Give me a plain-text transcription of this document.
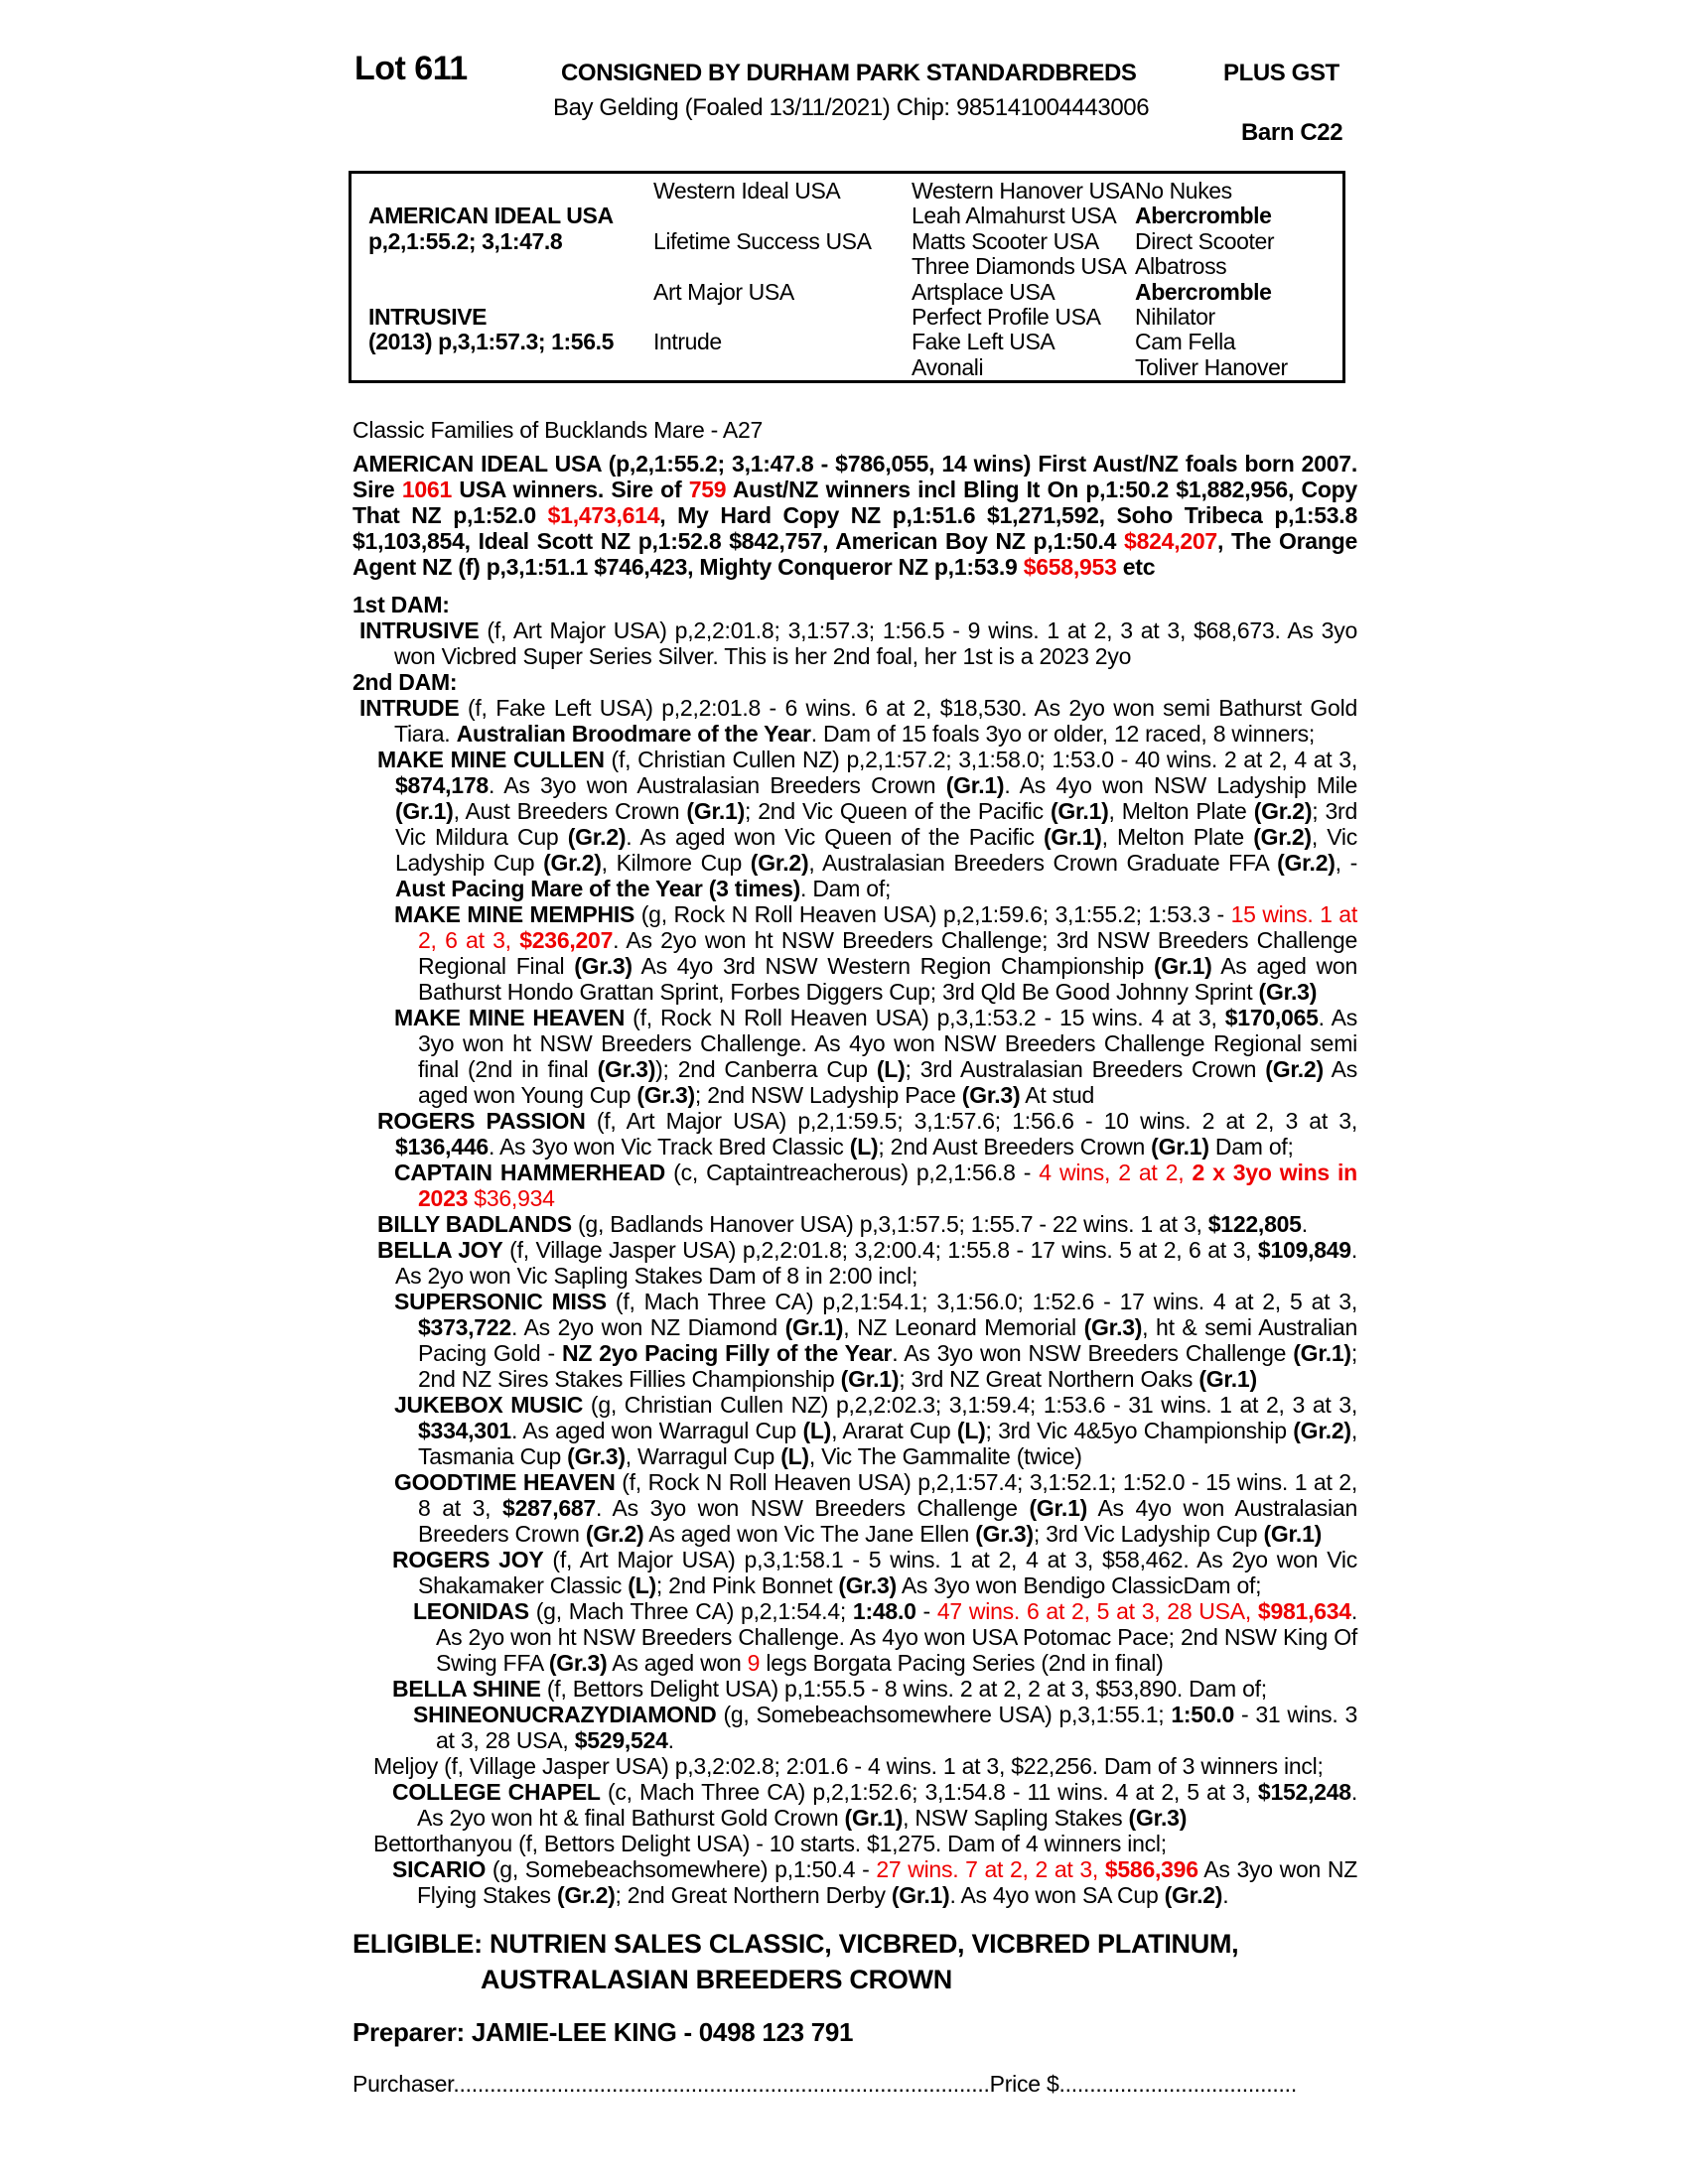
Lot 611	CONSIGNED BY DURHAM PARK STANDARDBREDS	PLUS GST
Bay Gelding (Foaled 13/11/2021) Chip: 985141004443006
Barn C22
AMERICAN IDEAL USA
p,2,1:55.2; 3,1:47.8
INTRUSIVE
(2013) p,3,1:57.3; 1:56.5
Western Ideal USA
Lifetime Success USA
Art Major USA
Intrude
Western Hanover USA
Leah Almahurst USA
Matts Scooter USA
Three Diamonds USA
Artsplace USA
Perfect Profile USA
Fake Left USA
Avonali
No Nukes
Abercromble
Direct Scooter
Albatross
Abercromble
Nihilator
Cam Fella
Toliver Hanover
Classic Families of Bucklands Mare - A27
AMERICAN IDEAL USA (p,2,1:55.2; 3,1:47.8 - $786,055, 14 wins) First Aust/NZ foals born 2007. Sire 1061 USA winners. Sire of 759 Aust/NZ winners incl Bling It On p,1:50.2 $1,882,956, Copy That NZ p,1:52.0 $1,473,614, My Hard Copy NZ p,1:51.6 $1,271,592, Soho Tribeca p,1:53.8 $1,103,854, Ideal Scott NZ p,1:52.8 $842,757, American Boy NZ p,1:50.4 $824,207, The Orange Agent NZ (f) p,3,1:51.1 $746,423, Mighty Conqueror NZ p,1:53.9 $658,953 etc
1st DAM:
INTRUSIVE (f, Art Major USA) p,2,2:01.8; 3,1:57.3; 1:56.5 - 9 wins. 1 at 2, 3 at 3, $68,673. As 3yo won Vicbred Super Series Silver. This is her 2nd foal, her 1st is a 2023 2yo
2nd DAM:
INTRUDE (f, Fake Left USA) p,2,2:01.8 - 6 wins. 6 at 2, $18,530. As 2yo won semi Bathurst Gold Tiara. Australian Broodmare of the Year. Dam of 15 foals 3yo or older, 12 raced, 8 winners;
MAKE MINE CULLEN (f, Christian Cullen NZ) p,2,1:57.2; 3,1:58.0; 1:53.0 - 40 wins. 2 at 2, 4 at 3, $874,178. As 3yo won Australasian Breeders Crown (Gr.1). As 4yo won NSW Ladyship Mile (Gr.1), Aust Breeders Crown (Gr.1); 2nd Vic Queen of the Pacific (Gr.1), Melton Plate (Gr.2); 3rd Vic Mildura Cup (Gr.2). As aged won Vic Queen of the Pacific (Gr.1), Melton Plate (Gr.2), Vic Ladyship Cup (Gr.2), Kilmore Cup (Gr.2), Australasian Breeders Crown Graduate FFA (Gr.2), - Aust Pacing Mare of the Year (3 times). Dam of;
MAKE MINE MEMPHIS (g, Rock N Roll Heaven USA) p,2,1:59.6; 3,1:55.2; 1:53.3 - 15 wins. 1 at 2, 6 at 3, $236,207. As 2yo won ht NSW Breeders Challenge; 3rd NSW Breeders Challenge Regional Final (Gr.3) As 4yo 3rd NSW Western Region Championship (Gr.1) As aged won Bathurst Hondo Grattan Sprint, Forbes Diggers Cup; 3rd Qld Be Good Johnny Sprint (Gr.3)
MAKE MINE HEAVEN (f, Rock N Roll Heaven USA) p,3,1:53.2 - 15 wins. 4 at 3, $170,065. As 3yo won ht NSW Breeders Challenge. As 4yo won NSW Breeders Challenge Regional semi final (2nd in final (Gr.3)); 2nd Canberra Cup (L); 3rd Australasian Breeders Crown (Gr.2) As aged won Young Cup (Gr.3); 2nd NSW Ladyship Pace (Gr.3) At stud
ROGERS PASSION (f, Art Major USA) p,2,1:59.5; 3,1:57.6; 1:56.6 - 10 wins. 2 at 2, 3 at 3, $136,446. As 3yo won Vic Track Bred Classic (L); 2nd Aust Breeders Crown (Gr.1) Dam of;
CAPTAIN HAMMERHEAD (c, Captaintreacherous) p,2,1:56.8 - 4 wins, 2 at 2, 2 x 3yo wins in 2023 $36,934
BILLY BADLANDS (g, Badlands Hanover USA) p,3,1:57.5; 1:55.7 - 22 wins. 1 at 3, $122,805.
BELLA JOY (f, Village Jasper USA) p,2,2:01.8; 3,2:00.4; 1:55.8 - 17 wins. 5 at 2, 6 at 3, $109,849. As 2yo won Vic Sapling Stakes Dam of 8 in 2:00 incl;
SUPERSONIC MISS (f, Mach Three CA) p,2,1:54.1; 3,1:56.0; 1:52.6 - 17 wins. 4 at 2, 5 at 3, $373,722. As 2yo won NZ Diamond (Gr.1), NZ Leonard Memorial (Gr.3), ht & semi Australian Pacing Gold - NZ 2yo Pacing Filly of the Year. As 3yo won NSW Breeders Challenge (Gr.1); 2nd NZ Sires Stakes Fillies Championship (Gr.1); 3rd NZ Great Northern Oaks (Gr.1)
JUKEBOX MUSIC (g, Christian Cullen NZ) p,2,2:02.3; 3,1:59.4; 1:53.6 - 31 wins. 1 at 2, 3 at 3, $334,301. As aged won Warragul Cup (L), Ararat Cup (L); 3rd Vic 4&5yo Championship (Gr.2), Tasmania Cup (Gr.3), Warragul Cup (L), Vic The Gammalite (twice)
GOODTIME HEAVEN (f, Rock N Roll Heaven USA) p,2,1:57.4; 3,1:52.1; 1:52.0 - 15 wins. 1 at 2, 8 at 3, $287,687. As 3yo won NSW Breeders Challenge (Gr.1) As 4yo won Australasian Breeders Crown (Gr.2) As aged won Vic The Jane Ellen (Gr.3); 3rd Vic Ladyship Cup (Gr.1)
ROGERS JOY (f, Art Major USA) p,3,1:58.1 - 5 wins. 1 at 2, 4 at 3, $58,462. As 2yo won Vic Shakamaker Classic (L); 2nd Pink Bonnet (Gr.3) As 3yo won Bendigo ClassicDam of;
LEONIDAS (g, Mach Three CA) p,2,1:54.4; 1:48.0 - 47 wins. 6 at 2, 5 at 3, 28 USA, $981,634. As 2yo won ht NSW Breeders Challenge. As 4yo won USA Potomac Pace; 2nd NSW King Of Swing FFA (Gr.3) As aged won 9 legs Borgata Pacing Series (2nd in final)
BELLA SHINE (f, Bettors Delight USA) p,1:55.5 - 8 wins. 2 at 2, 2 at 3, $53,890. Dam of;
SHINEONUCRAZYDIAMOND (g, Somebeachsomewhere USA) p,3,1:55.1; 1:50.0 - 31 wins. 3 at 3, 28 USA, $529,524.
Meljoy (f, Village Jasper USA) p,3,2:02.8; 2:01.6 - 4 wins. 1 at 3, $22,256. Dam of 3 winners incl;
COLLEGE CHAPEL (c, Mach Three CA) p,2,1:52.6; 3,1:54.8 - 11 wins. 4 at 2, 5 at 3, $152,248. As 2yo won ht & final Bathurst Gold Crown (Gr.1), NSW Sapling Stakes (Gr.3)
Bettorthanyou (f, Bettors Delight USA) - 10 starts. $1,275. Dam of 4 winners incl;
SICARIO (g, Somebeachsomewhere) p,1:50.4 - 27 wins. 7 at 2, 2 at 3, $586,396 As 3yo won NZ Flying Stakes (Gr.2); 2nd Great Northern Derby (Gr.1). As 4yo won SA Cup (Gr.2).
ELIGIBLE: NUTRIEN SALES CLASSIC, VICBRED, VICBRED PLATINUM,
AUSTRALASIAN BREEDERS CROWN
Preparer: JAMIE-LEE KING - 0498 123 791
Purchaser........................................................................................Price $.......................................
